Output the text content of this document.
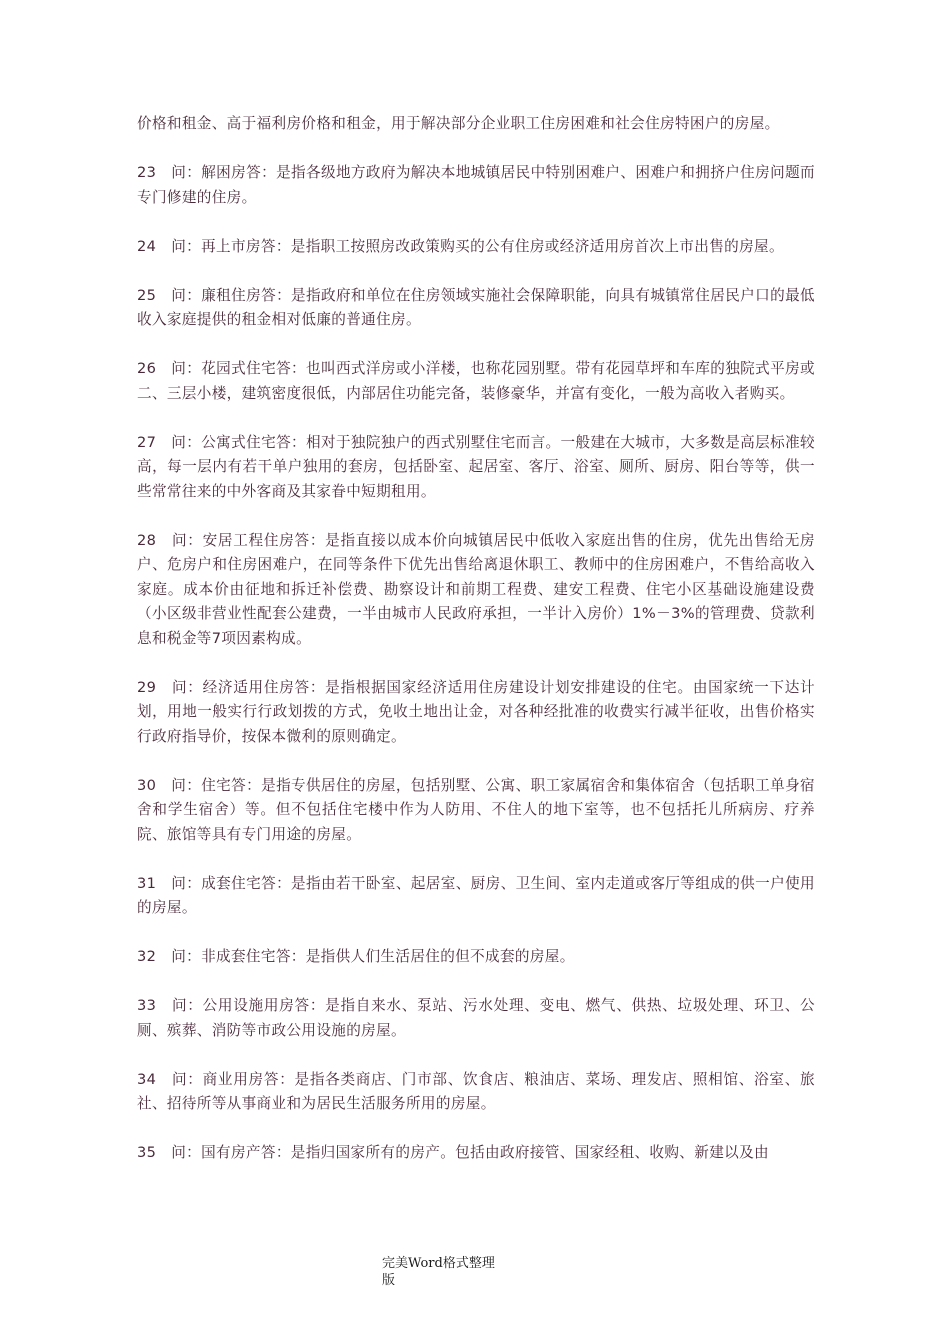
价格和租金、高于福利房价格和租金，用于解决部分企业职工住房困难和社会住房特困户的房屋。

23　问：解困房答：是指各级地方政府为解决本地城镇居民中特别困难户、困难户和拥挤户住房问题而专门修建的住房。

24　问：再上市房答：是指职工按照房改政策购买的公有住房或经济适用房首次上市出售的房屋。

25　问：廉租住房答：是指政府和单位在住房领域实施社会保障职能，向具有城镇常住居民户口的最低收入家庭提供的租金相对低廉的普通住房。

26　问：花园式住宅答：也叫西式洋房或小洋楼，也称花园别墅。带有花园草坪和车库的独院式平房或二、三层小楼，建筑密度很低，内部居住功能完备，装修豪华，并富有变化，一般为高收入者购买。

27　问：公寓式住宅答：相对于独院独户的西式别墅住宅而言。一般建在大城市，大多数是高层标准较高，每一层内有若干单户独用的套房，包括卧室、起居室、客厅、浴室、厕所、厨房、阳台等等，供一些常常往来的中外客商及其家眷中短期租用。

28　问：安居工程住房答：是指直接以成本价向城镇居民中低收入家庭出售的住房，优先出售给无房户、危房户和住房困难户，在同等条件下优先出售给离退休职工、教师中的住房困难户，不售给高收入家庭。成本价由征地和拆迁补偿费、勘察设计和前期工程费、建安工程费、住宅小区基础设施建设费（小区级非营业性配套公建费，一半由城市人民政府承担，一半计入房价）1%－3%的管理费、贷款利息和税金等7项因素构成。

29　问：经济适用住房答：是指根据国家经济适用住房建设计划安排建设的住宅。由国家统一下达计划，用地一般实行行政划拨的方式，免收土地出让金，对各种经批准的收费实行减半征收，出售价格实行政府指导价，按保本微利的原则确定。

30　问：住宅答：是指专供居住的房屋，包括别墅、公寓、职工家属宿舍和集体宿舍（包括职工单身宿舍和学生宿舍）等。但不包括住宅楼中作为人防用、不住人的地下室等，也不包括托儿所病房、疗养院、旅馆等具有专门用途的房屋。

31　问：成套住宅答：是指由若干卧室、起居室、厨房、卫生间、室内走道或客厅等组成的供一户使用的房屋。

32　问：非成套住宅答：是指供人们生活居住的但不成套的房屋。

33　问：公用设施用房答：是指自来水、泵站、污水处理、变电、燃气、供热、垃圾处理、环卫、公厕、殡葬、消防等市政公用设施的房屋。

34　问：商业用房答：是指各类商店、门市部、饮食店、粮油店、菜场、理发店、照相馆、浴室、旅社、招待所等从事商业和为居民生活服务所用的房屋。

35　问：国有房产答：是指归国家所有的房产。包括由政府接管、国家经租、收购、新建以及由

完美Word格式整理
版
